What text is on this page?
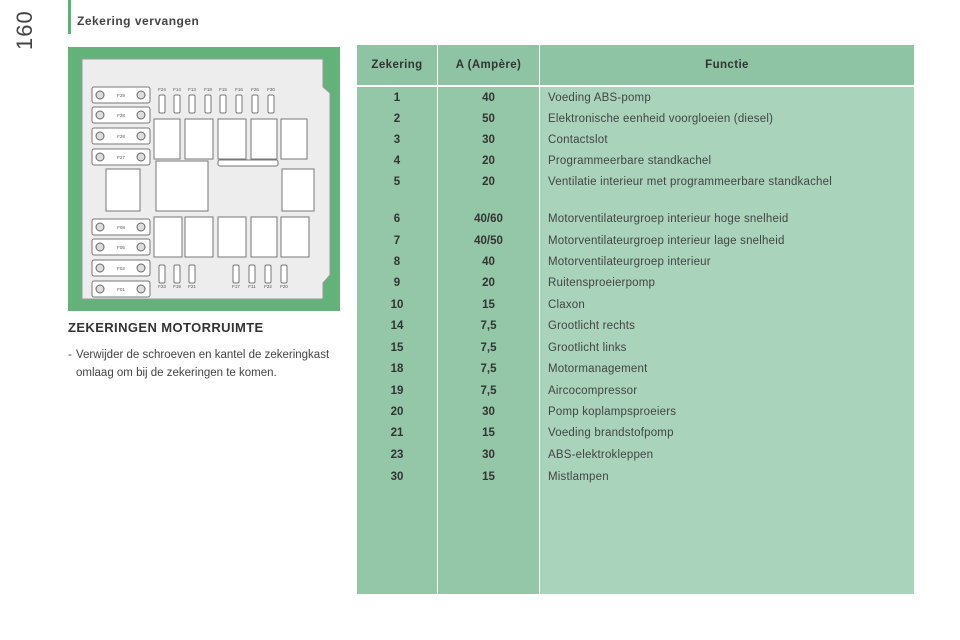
160	Zekering vervangen
F24 F14 F13 F18 F15 F16 F26 F30
F23 F19 F21	F17 F11 F22 F20
F29
F28
F28
F27
F08
F05
F02
F01
ZEKERINGEN MOTORRUIMTE
- Verwijder de schroeven en kantel de zekeringkast omlaag om bij de zekeringen te komen.
Zekering	A (Ampère)	Functie
1	40	Voeding ABS-pomp
2	50	Elektronische eenheid voorgloeien (diesel)
3	30	Contactslot
4	20	Programmeerbare standkachel
5	20	Ventilatie interieur met programmeerbare standkachel
6	40/60	Motorventilateurgroep interieur hoge snelheid
7	40/50	Motorventilateurgroep interieur lage snelheid
8	40	Motorventilateurgroep interieur
9	20	Ruitensproeierpomp
10	15	Claxon
14	7,5	Grootlicht rechts
15	7,5	Grootlicht links
18	7,5	Motormanagement
19	7,5	Aircocompressor
20	30	Pomp koplampsproeiers
21	15	Voeding brandstofpomp
23	30	ABS-elektrokleppen
30	15	Mistlampen
